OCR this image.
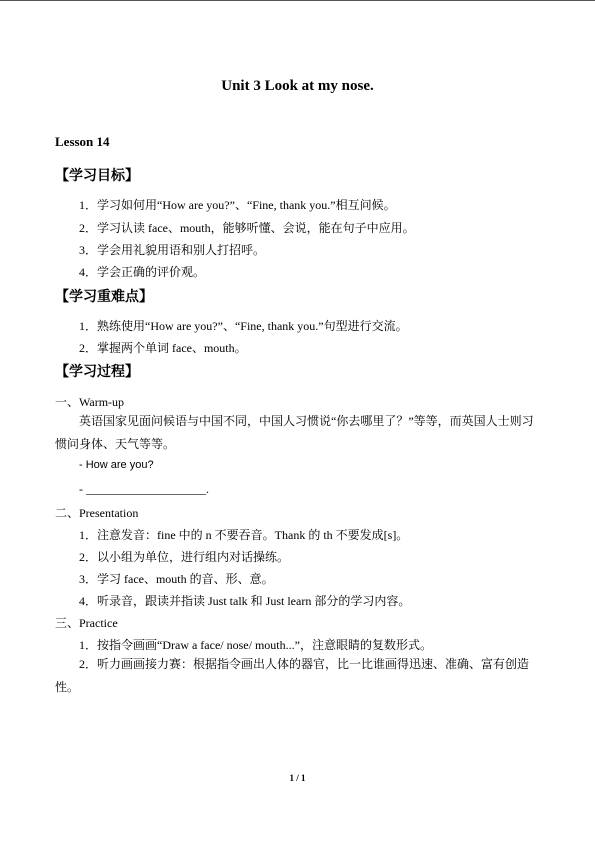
Unit 3 Look at my nose.
Lesson 14
【学习目标】
1．学习如何用“How are you?”、“Fine, thank you.”相互问候。
2．学习认读 face、mouth，能够听懂、会说，能在句子中应用。
3．学会用礼貌用语和别人打招呼。
4．学会正确的评价观。
【学习重难点】
1．熟练使用“How are you?”、“Fine, thank you.”句型进行交流。
2．掌握两个单词 face、mouth。
【学习过程】
一、Warm-up
英语国家见面问候语与中国不同，中国人习惯说“你去哪里了？”等等，而英国人士则习惯问身体、天气等等。
- How are you?
- ____________________.
二、Presentation
1．注意发音：fine 中的 n 不要吞音。Thank 的 th 不要发成[s]。
2．以小组为单位，进行组内对话操练。
3．学习 face、mouth 的音、形、意。
4．听录音，跟读并指读 Just talk 和 Just learn 部分的学习内容。
三、Practice
1．按指令画画“Draw a face/ nose/ mouth...”，注意眼睛的复数形式。
2．听力画画接力赛：根据指令画出人体的器官，比一比谁画得迅速、准确、富有创造性。
1 / 1
